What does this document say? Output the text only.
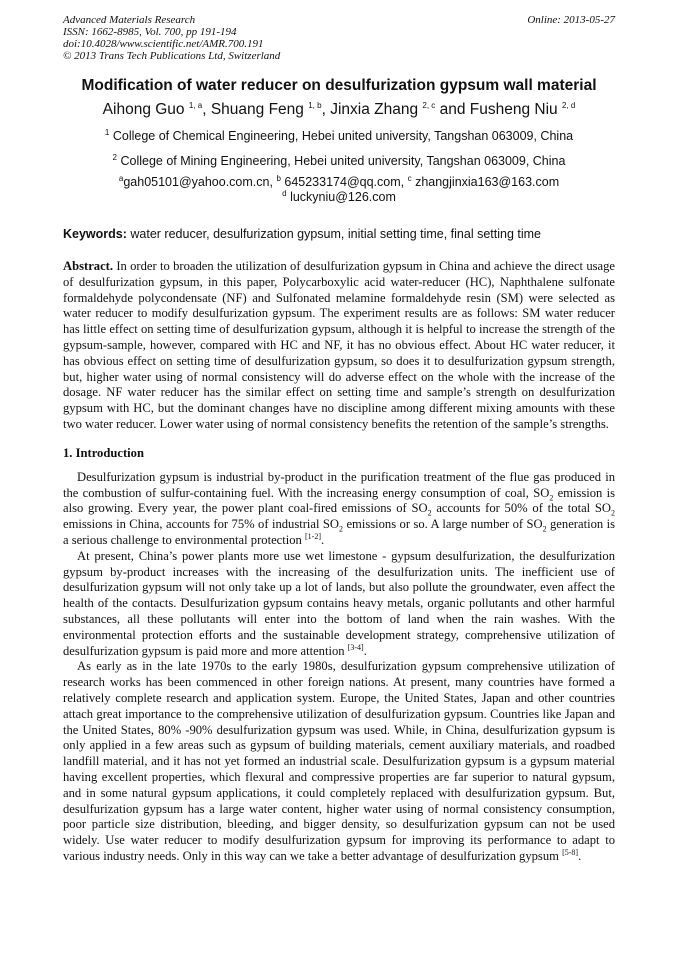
Advanced Materials Research
ISSN: 1662-8985, Vol. 700, pp 191-194
doi:10.4028/www.scientific.net/AMR.700.191
© 2013 Trans Tech Publications Ltd, Switzerland
Online: 2013-05-27
Modification of water reducer on desulfurization gypsum wall material
Aihong Guo $^{1, a}$, Shuang Feng $^{1, b}$, Jinxia Zhang $^{2, c}$ and Fusheng Niu $^{2, d}$
$^1$ College of Chemical Engineering, Hebei united university, Tangshan 063009, China
$^2$ College of Mining Engineering, Hebei united university, Tangshan 063009, China
$^a$gah05101@yahoo.com.cn, $^b$ 645233174@qq.com, $^c$ zhangjinxia163@163.com
$^d$ luckyniu@126.com
Keywords: water reducer, desulfurization gypsum, initial setting time, final setting time
Abstract. In order to broaden the utilization of desulfurization gypsum in China and achieve the direct usage of desulfurization gypsum, in this paper, Polycarboxylic acid water-reducer (HC), Naphthalene sulfonate formaldehyde polycondensate (NF) and Sulfonated melamine formaldehyde resin (SM) were selected as water reducer to modify desulfurization gypsum. The experiment results are as follows: SM water reducer has little effect on setting time of desulfurization gypsum, although it is helpful to increase the strength of the gypsum-sample, however, compared with HC and NF, it has no obvious effect. About HC water reducer, it has obvious effect on setting time of desulfurization gypsum, so does it to desulfurization gypsum strength, but, higher water using of normal consistency will do adverse effect on the whole with the increase of the dosage. NF water reducer has the similar effect on setting time and sample’s strength on desulfurization gypsum with HC, but the dominant changes have no discipline among different mixing amounts with these two water reducer. Lower water using of normal consistency benefits the retention of the sample’s strengths.
1. Introduction

Desulfurization gypsum is industrial by-product in the purification treatment of the flue gas produced in the combustion of sulfur-containing fuel. With the increasing energy consumption of coal, $SO_2$ emission is also growing. Every year, the power plant coal-fired emissions of $SO_2$ accounts for 50% of the total $SO_2$ emissions in China, accounts for 75% of industrial $SO_2$ emissions or so. A large number of $SO_2$ generation is a serious challenge to environmental protection [1-2].

At present, China’s power plants more use wet limestone - gypsum desulfurization, the desulfurization gypsum by-product increases with the increasing of the desulfurization units. The inefficient use of desulfurization gypsum will not only take up a lot of lands, but also pollute the groundwater, even affect the health of the contacts. Desulfurization gypsum contains heavy metals, organic pollutants and other harmful substances, all these pollutants will enter into the bottom of land when the rain washes. With the environmental protection efforts and the sustainable development strategy, comprehensive utilization of desulfurization gypsum is paid more and more attention [3-4].

As early as in the late 1970s to the early 1980s, desulfurization gypsum comprehensive utilization of research works has been commenced in other foreign nations. At present, many countries have formed a relatively complete research and application system. Europe, the United States, Japan and other countries attach great importance to the comprehensive utilization of desulfurization gypsum. Countries like Japan and the United States, 80% -90% desulfurization gypsum was used. While, in China, desulfurization gypsum is only applied in a few areas such as gypsum of building materials, cement auxiliary materials, and roadbed landfill material, and it has not yet formed an industrial scale. Desulfurization gypsum is a gypsum material having excellent properties, which flexural and compressive properties are far superior to natural gypsum, and in some natural gypsum applications, it could completely replaced with desulfurization gypsum. But, desulfurization gypsum has a large water content, higher water using of normal consistency consumption, poor particle size distribution, bleeding, and bigger density, so desulfurization gypsum can not be used widely. Use water reducer to modify desulfurization gypsum for improving its performance to adapt to various industry needs. Only in this way can we take a better advantage of desulfurization gypsum [5-8].
